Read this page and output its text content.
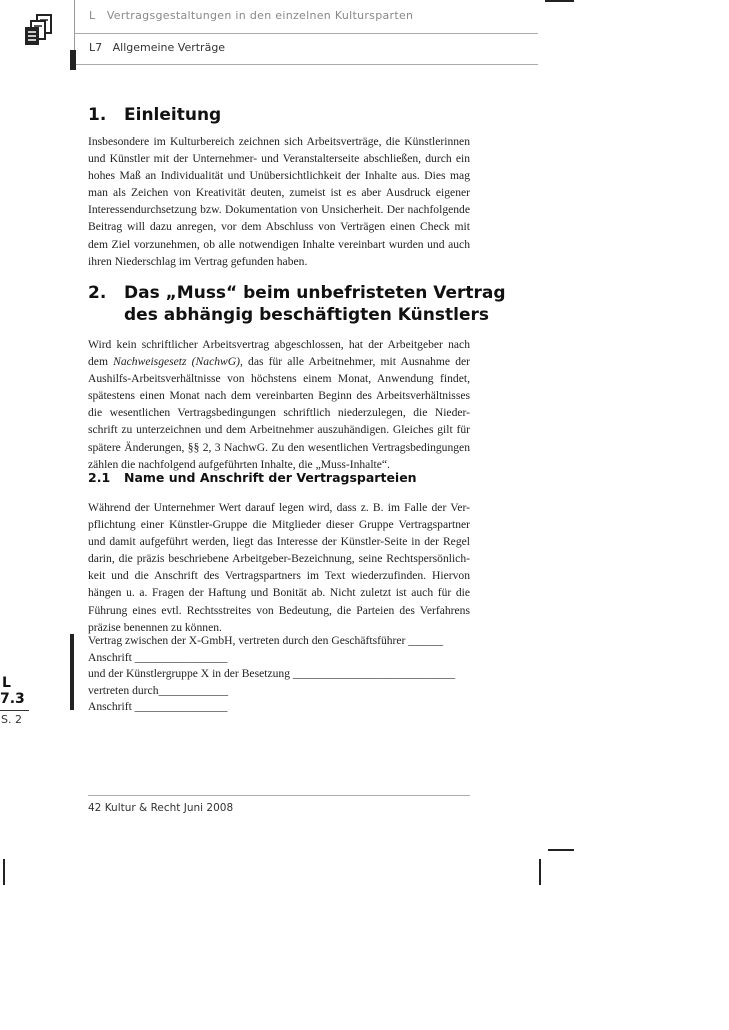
L   Vertragsgestaltungen in den einzelnen Kultursparten
L7   Allgemeine Verträge
1. Einleitung
Insbesondere im Kulturbereich zeichnen sich Arbeitsverträge, die Künstlerinnen
und Künstler mit der Unternehmer- und Veranstalterseite abschließen, durch ein
hohes Maß an Individualität und Unübersichtlichkeit der Inhalte aus. Dies mag
man als Zeichen von Kreativität deuten, zumeist ist es aber Ausdruck eigener
Interessendurchsetzung bzw. Dokumentation von Unsicherheit. Der nachfolgende
Beitrag will dazu anregen, vor dem Abschluss von Verträgen einen Check mit
dem Ziel vorzunehmen, ob alle notwendigen Inhalte vereinbart wurden und auch
ihren Niederschlag im Vertrag gefunden haben.
2. Das „Muss“ beim unbefristeten Vertrag
des abhängig beschäftigten Künstlers
Wird kein schriftlicher Arbeitsvertrag abgeschlossen, hat der Arbeitgeber nach
dem Nachweisgesetz (NachwG), das für alle Arbeitnehmer, mit Ausnahme der
Aushilfs-Arbeitsverhältnisse von höchstens einem Monat, Anwendung findet,
spätestens einen Monat nach dem vereinbarten Beginn des Arbeitsverhältnisses
die wesentlichen Vertragsbedingungen schriftlich niederzulegen, die Nieder-
schrift zu unterzeichnen und dem Arbeitnehmer auszuhändigen. Gleiches gilt für
spätere Änderungen, §§ 2, 3 NachwG. Zu den wesentlichen Vertragsbedingungen
zählen die nachfolgend aufgeführten Inhalte, die „Muss-Inhalte“.
2.1 Name und Anschrift der Vertragsparteien
Während der Unternehmer Wert darauf legen wird, dass z. B. im Falle der Ver-
pflichtung einer Künstler-Gruppe die Mitglieder dieser Gruppe Vertragspartner
und damit aufgeführt werden, liegt das Interesse der Künstler-Seite in der Regel
darin, die präzis beschriebene Arbeitgeber-Bezeichnung, seine Rechtspersönlich-
keit und die Anschrift des Vertragspartners im Text wiederzufinden. Hiervon
hängen u. a. Fragen der Haftung und Bonität ab. Nicht zuletzt ist auch für die
Führung eines evtl. Rechtsstreites von Bedeutung, die Parteien des Verfahrens
präzise benennen zu können.
Vertrag zwischen der X-GmbH, vertreten durch den Geschäftsführer ______
Anschrift ________________
und der Künstlergruppe X in der Besetzung ____________________________
vertreten durch____________
Anschrift ________________
L
7.3
S. 2
42 Kultur & Recht Juni 2008
